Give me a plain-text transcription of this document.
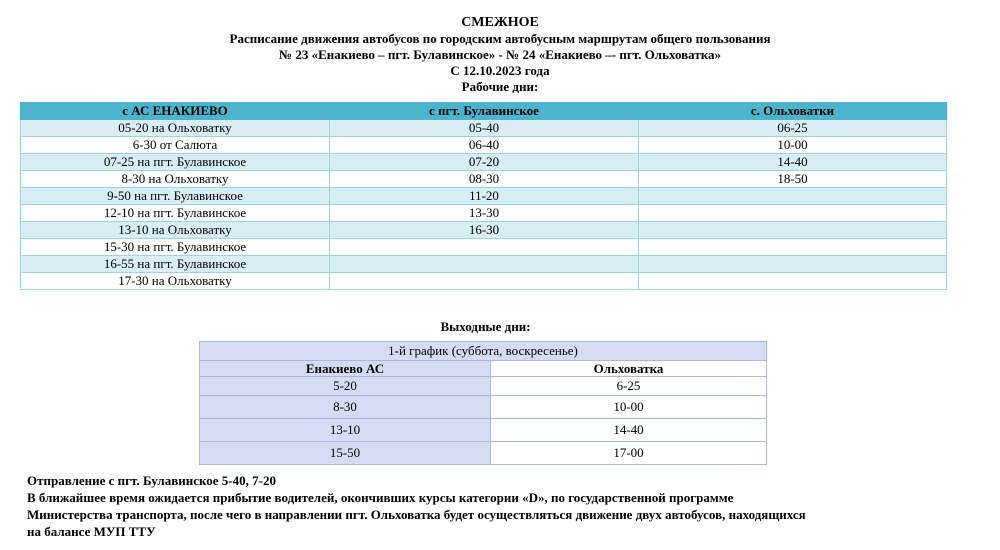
СМЕЖНОЕ
Расписание движения автобусов по городским автобусным маршрутам общего пользования
№ 23 «Енакиево – пгт. Булавинское» - № 24 «Енакиево –- пгт. Ольховатка»
С 12.10.2023 года
Рабочие дни:
с АС ЕНАКИЕВО	с пгт. Булавинское	с. Ольховатки
05-20 на Ольховатку	05-40	06-25
6-30 от Салюта	06-40	10-00
07-25 на пгт. Булавинское	07-20	14-40
8-30 на Ольховатку	08-30	18-50
9-50 на пгт. Булавинское	11-20	
12-10 на пгт. Булавинское	13-30	
13-10 на Ольховатку	16-30	
15-30 на пгт. Булавинское		
16-55 на пгт. Булавинское		
17-30 на Ольховатку		
Выходные дни:
1-й график (суббота, воскресенье)	
Енакиево АС	Ольховатка
5-20	6-25
8-30	10-00
13-10	14-40
15-50	17-00
Отправление с пгт. Булавинское 5-40, 7-20
В ближайшее время ожидается прибытие водителей, окончивших курсы категории «D», по государственной программе
Министерства транспорта, после чего в направлении пгт. Ольховатка будет осуществляться движение двух автобусов, находящихся
на балансе МУП ТТУ
